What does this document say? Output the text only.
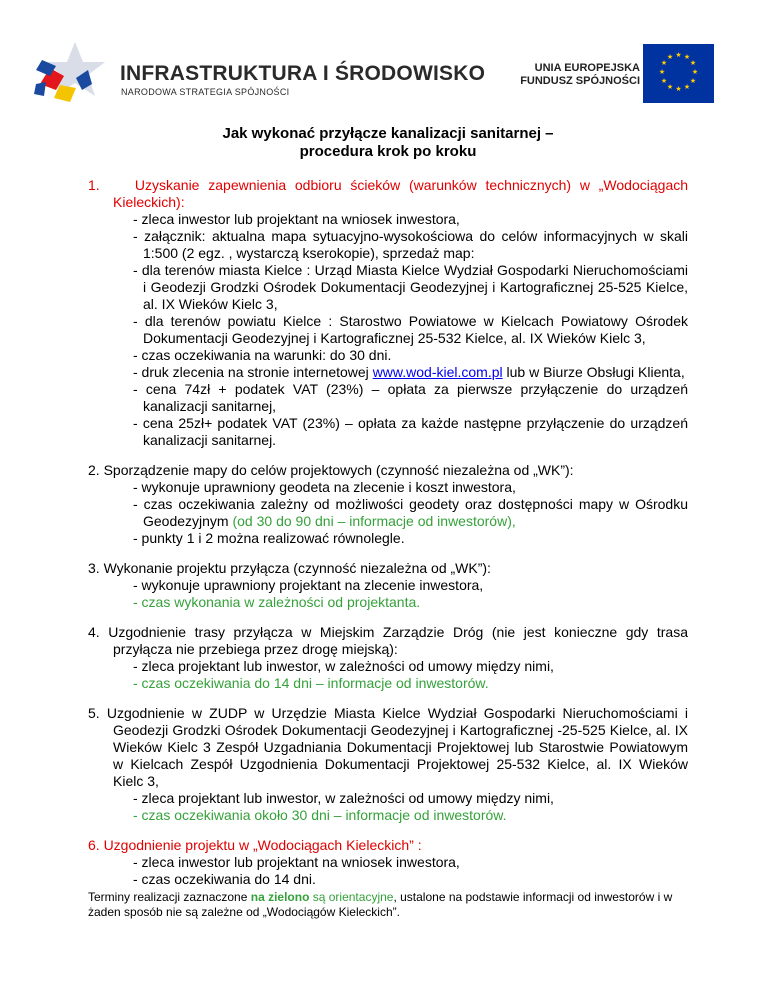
INFRASTRUKTURA I ŚRODOWISKO
NARODOWA STRATEGIA SPÓJNOŚCI
UNIA EUROPEJSKA
FUNDUSZ SPÓJNOŚCI
★ ★
★
★
★
★
★
★
★
★
★
★
Jak wykonać przyłącze kanalizacji sanitarnej –
procedura krok po kroku
1.	Uzyskanie zapewnienia odbioru ścieków (warunków technicznych) w „Wodociągach Kieleckich):
- zleca inwestor lub projektant na wniosek inwestora,
- załącznik: aktualna mapa sytuacyjno-wysokościowa do celów informacyjnych w skali 1:500 (2 egz. , wystarczą kserokopie), sprzedaż map:
- dla terenów miasta Kielce : Urząd Miasta Kielce Wydział Gospodarki Nieruchomościami i Geodezji Grodzki Ośrodek Dokumentacji Geodezyjnej i Kartograficznej 25-525 Kielce, al. IX Wieków Kielc 3,
- dla terenów powiatu Kielce : Starostwo Powiatowe w Kielcach Powiatowy Ośrodek Dokumentacji Geodezyjnej i Kartograficznej 25-532 Kielce, al. IX Wieków Kielc 3,
- czas oczekiwania na warunki: do 30 dni.
- druk zlecenia na stronie internetowej www.wod-kiel.com.pl lub w Biurze Obsługi Klienta,
- cena 74zł + podatek VAT (23%) – opłata za pierwsze przyłączenie do urządzeń kanalizacji sanitarnej,
- cena 25zł+ podatek VAT (23%) – opłata za każde następne przyłączenie do urządzeń kanalizacji sanitarnej.
2. Sporządzenie mapy do celów projektowych (czynność niezależna od „WK”):
- wykonuje uprawniony geodeta na zlecenie i koszt inwestora,
- czas oczekiwania zależny od możliwości geodety oraz dostępności mapy w Ośrodku Geodezyjnym (od 30 do 90 dni – informacje od inwestorów),
- punkty 1 i 2 można realizować równolegle.
3. Wykonanie projektu przyłącza (czynność niezależna od „WK”):
- wykonuje uprawniony projektant na zlecenie inwestora,
- czas wykonania w zależności od projektanta.
4. Uzgodnienie trasy przyłącza w Miejskim Zarządzie Dróg (nie jest konieczne gdy trasa przyłącza nie przebiega przez drogę miejską):
- zleca projektant lub inwestor, w zależności od umowy między nimi,
- czas oczekiwania do 14 dni – informacje od inwestorów.
5. Uzgodnienie w ZUDP w Urzędzie Miasta Kielce Wydział Gospodarki Nieruchomościami i Geodezji Grodzki Ośrodek Dokumentacji Geodezyjnej i Kartograficznej -25-525 Kielce, al. IX Wieków Kielc 3 Zespół Uzgadniania Dokumentacji Projektowej lub Starostwie Powiatowym w Kielcach Zespół Uzgodnienia Dokumentacji Projektowej 25-532 Kielce, al. IX Wieków Kielc 3,
- zleca projektant lub inwestor, w zależności od umowy między nimi,
- czas oczekiwania około 30 dni – informacje od inwestorów.
6. Uzgodnienie projektu w „Wodociągach Kieleckich” :
- zleca inwestor lub projektant na wniosek inwestora,
- czas oczekiwania do 14 dni.
Terminy realizacji zaznaczone na zielono są orientacyjne, ustalone na podstawie informacji od inwestorów i w żaden sposób nie są zależne od „Wodociągów Kieleckich”.
